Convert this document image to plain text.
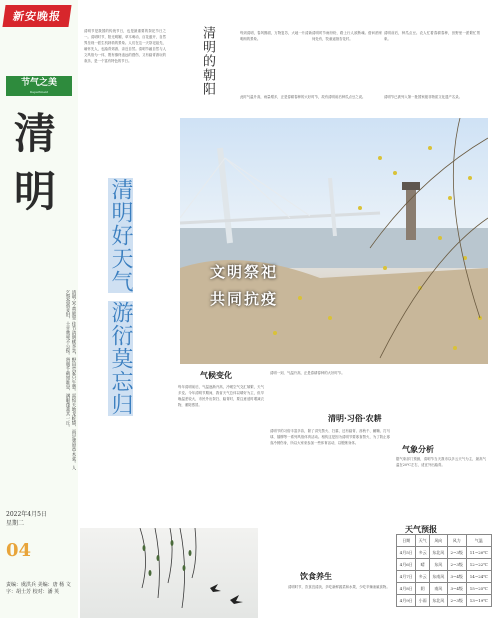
新安晚报
节气之美
Department
清
明
清明·宋·黄庭坚 佳节清明桃李笑，野田荒冢只生愁。雷惊天地龙蛇蛰，雨足郊原草木柔。人乞祭余骄妾妇，士甘焚死不公侯。贤愚千载知谁是，满眼蓬蒿共一丘。
2022年4月5日
星期二
04
责编：虞洪兵 美编：唐 杨 文字：胡士芳 校对：潘 英
清明节是我国的传统节日，也是最重要的祭祀节日之一。清明时节，阳光明媚，草木萌动，百花盛开，自然界呈现一派生机勃勃的景象。人们在这一天祭祀祖先、缅怀先人，也踏青郊游、亲近自然。清明节融自然与人文风俗为一体，既有慎终追远的感伤，又有踏青游玩的欢乐，是一个富有特色的节日。	清明的朝阳	每到清明，春风拂面，万物复苏，大地一片清新明朗的景象。
清明时节雨纷纷，路上行人欲断魂。借问酒家何处有，牧童遥指杏花村。
清明前后，种瓜点豆。农人忙着春耕春种，田野里一派繁忙景象。
此时气温升高，雨量增多，正是春耕春种的大好时节，故有清明前后种瓜点豆之说。	清明节已被列入第一批国家级非物质文化遗产名录。
文明祭祀
共同抗疫
清明好天气 游衍莫忘归	气候变化
每年清明前后，气温逐渐升高，冷暖空气交汇频繁，天气多变。今年清明节期间，我省天气总体以晴好为主，但早晚温差较大，市民外出祭扫、踏青时，要注意适时增减衣物，谨防感冒。
清明一到，气温升高，正是春耕春种的大好时节。
清明·习俗·农耕
清明节的习俗丰富多彩，除了讲究禁火、扫墓，还有踏青、荡秋千、蹴鞠、打马球、插柳等一系列风俗体育活动。相传这是因为清明节要寒食禁火，为了防止寒食冷餐伤身，所以大家来参加一些体育活动，以锻炼身体。
气象分析
据气象部门预测，清明节当天我市以多云天气为主，最高气温在20℃左右，适宜外出踏青。
饮食养生
清明时节，饮食宜清淡，多吃新鲜蔬菜和水果，少吃辛辣油腻食物。
天气预报
日期	天气	风向	风力	气温
4月5日	多云	东北风	2~3级	11~20℃
4月6日	晴	东风	2~3级	12~22℃
4月7日	多云	东南风	3~4级	14~24℃
4月8日	阴	南风	3~4级	15~25℃
4月9日	小雨	东北风	2~3级	13~19℃
